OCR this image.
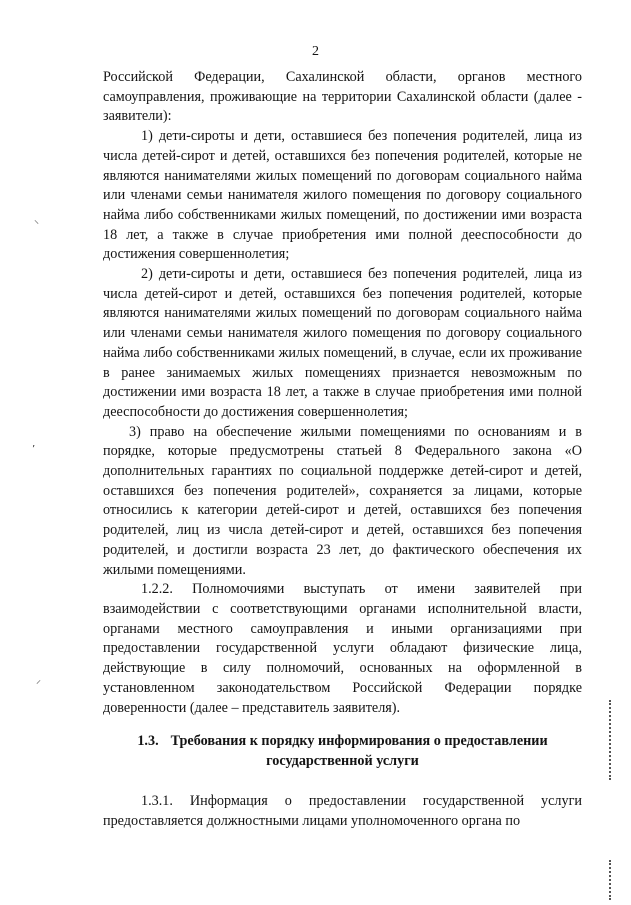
2

Российской Федерации, Сахалинской области, органов местного самоуправления, проживающие на территории Сахалинской области (далее - заявители):

1) дети-сироты и дети, оставшиеся без попечения родителей, лица из числа детей-сирот и детей, оставшихся без попечения родителей, которые не являются нанимателями жилых помещений по договорам социального найма или членами семьи нанимателя жилого помещения по договору социального найма либо собственниками жилых помещений, по достижении ими возраста 18 лет, а также в случае приобретения ими полной дееспособности до достижения совершеннолетия;

2) дети-сироты и дети, оставшиеся без попечения родителей, лица из числа детей-сирот и детей, оставшихся без попечения родителей, которые являются нанимателями жилых помещений по договорам социального найма или членами семьи нанимателя жилого помещения по договору социального найма либо собственниками жилых помещений, в случае, если их проживание в ранее занимаемых жилых помещениях признается невозможным по достижении ими возраста 18 лет, а также в случае приобретения ими полной дееспособности до достижения совершеннолетия;

3) право на обеспечение жилыми помещениями по основаниям и в порядке, которые предусмотрены статьей 8 Федерального закона «О дополнительных гарантиях по социальной поддержке детей-сирот и детей, оставшихся без попечения родителей», сохраняется за лицами, которые относились к категории детей-сирот и детей, оставшихся без попечения родителей, лиц из числа детей-сирот и детей, оставшихся без попечения родителей, и достигли возраста 23 лет, до фактического обеспечения их жилыми помещениями.

1.2.2. Полномочиями выступать от имени заявителей при взаимодействии с соответствующими органами исполнительной власти, органами местного самоуправления и иными организациями при предоставлении государственной услуги обладают физические лица, действующие в силу полномочий, основанных на оформленной в установленном законодательством Российской Федерации порядке доверенности (далее – представитель заявителя).

1.3. Требования к порядку информирования о предоставлении
государственной услуги

1.3.1. Информация о предоставлении государственной услуги предоставляется должностными лицами уполномоченного органа по

⸜
’
⸝
